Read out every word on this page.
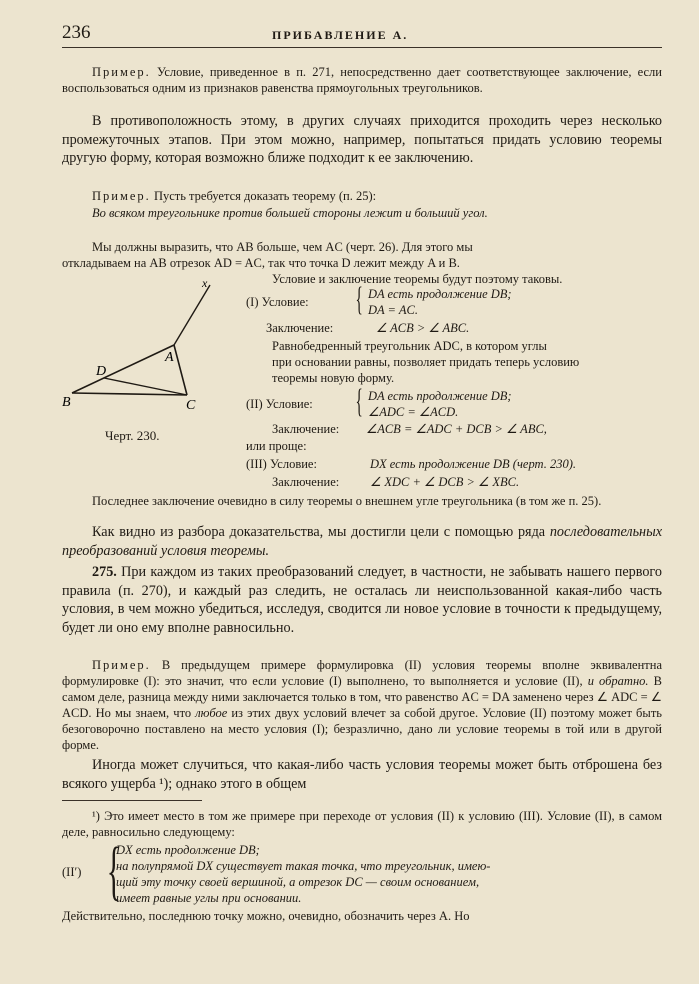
236	ПРИБАВЛЕНИЕ А.

Пример. Условие, приведенное в п. 271, непосредственно дает соответствующее заключение, если воспользоваться одним из признаков равенства прямоугольных треугольников.

В противоположность этому, в других случаях приходится проходить через несколько промежуточных этапов. При этом можно, например, попытаться придать условию теоремы другую форму, которая возможно ближе подходит к ее заключению.

Пример. Пусть требуется доказать теорему (п. 25):

Во всяком треугольнике против большей стороны лежит и больший угол.

Мы должны выразить, что AB больше, чем AC (черт. 26). Для этого мы
откладываем на AB отрезок AD = AC, так что точка D лежит между A и B.
x
A
D
B	C
Черт. 230.
Условие и заключение теоремы будут поэтому таковы.
(I) Условие: { DA есть продолжение DB;
DA = AC.
Заключение:	∠ ACB > ∠ ABC.
Равнобедренный треугольник ADC, в котором углы
при основании равны, позволяет придать теперь условию
теоремы новую форму.
(II) Условие: { DA есть продолжение DB;
∠ADC = ∠ACD.
Заключение: ∠ACB = ∠ADC + DCB > ∠ ABC,
или проще:
(III) Условие:	DX есть продолжение DB (черт. 230).
Заключение: ∠ XDC + ∠ DCB > ∠ XBC.

Последнее заключение очевидно в силу теоремы о внешнем угле треугольника (в том же п. 25).

Как видно из разбора доказательства, мы достигли цели с помощью ряда последовательных преобразований условия теоремы.

275. При каждом из таких преобразований следует, в частности, не забывать нашего первого правила (п. 270), и каждый раз следить, не осталась ли неиспользованной какая-либо часть условия, в чем можно убедиться, исследуя, сводится ли новое условие в точности к предыдущему, будет ли оно ему вполне равносильно.

Пример. В предыдущем примере формулировка (II) условия теоремы вполне эквивалентна формулировке (I): это значит, что если условие (I) выполнено, то выполняется и условие (II), и обратно. В самом деле, разница между ними заключается только в том, что равенство AC = DA заменено через ∠ ADC = ∠ ACD. Но мы знаем, что любое из этих двух условий влечет за собой другое. Условие (II) поэтому может быть безоговорочно поставлено на место условия (I); безразлично, дано ли условие теоремы в той или в другой форме.

Иногда может случиться, что какая-либо часть условия теоремы может быть отброшена без всякого ущерба ¹); однако этого в общем

¹) Это имеет место в том же примере при переходе от условия (II) к условию (III). Условие (II), в самом деле, равносильно следующему:

(II′) {
DX есть продолжение DB;
на полупрямой DX существует такая точка, что треугольник, имею-
щий эту точку своей вершиной, а отрезок DC — своим основанием,
имеет равные углы при основании.
Действительно, последнюю точку можно, очевидно, обозначить через A. Но
